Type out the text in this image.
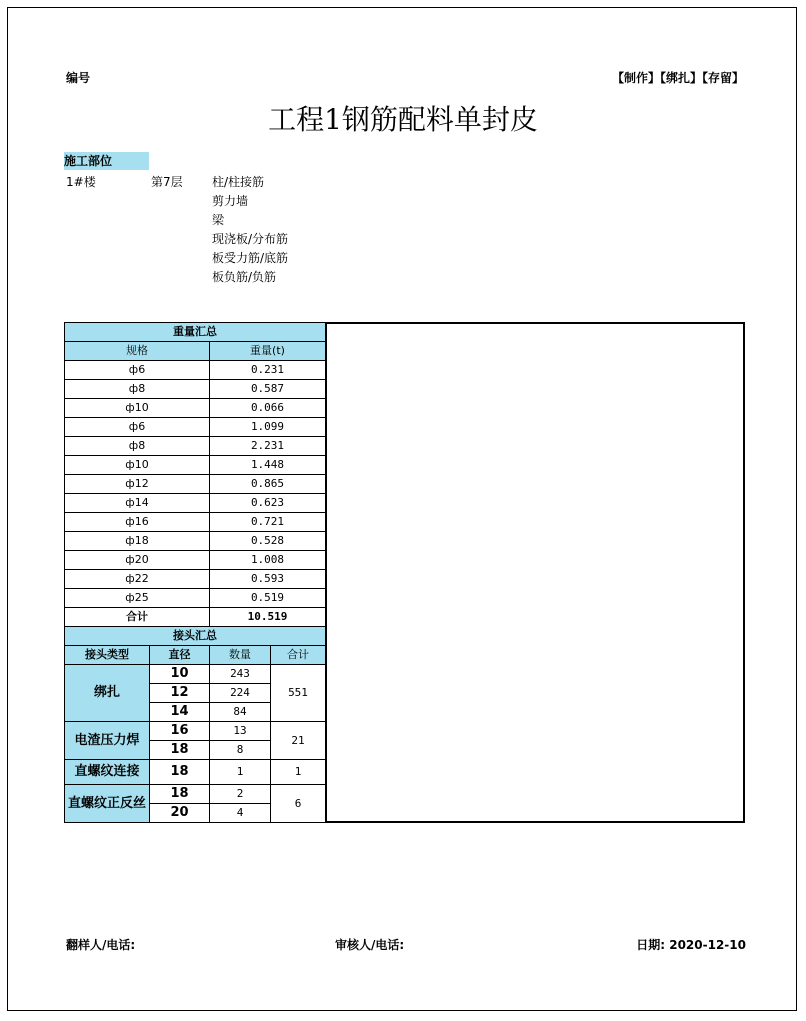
编号	【制作】【绑扎】【存留】
工程1钢筋配料单封皮
施工部位
1#楼	第7层 柱/柱接筋
剪力墙
梁
现浇板/分布筋
板受力筋/底筋
板负筋/负筋
重量汇总			
规格		重量(t)	
ф6		0.231	
ф8		0.587	
ф10		0.066	
ф6		1.099	
ф8		2.231	
ф10		1.448	
ф12		0.865	
ф14		0.623	
ф16		0.721	
ф18		0.528	
ф20		1.008	
ф22		0.593	
ф25		0.519	
合计		10.519	
接头汇总			
接头类型	直径	数量	合计
绑扎	10	243	551
	12	224	
	14	84	
电渣压力焊	16	13	21
	18	8	
直螺纹连接	18	1	1
直螺纹正反丝	18	2	6
	20	4	
翻样人/电话:	审核人/电话:	日期: 2020-12-10
